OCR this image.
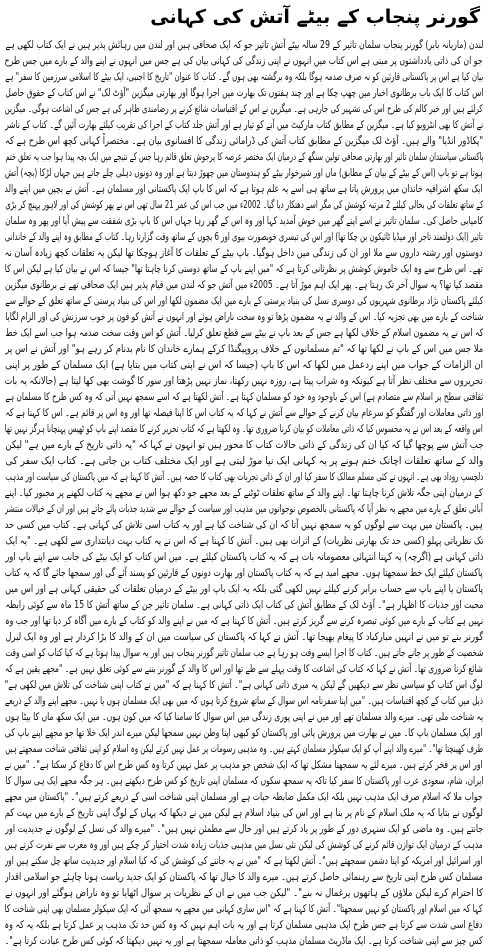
گورنر پنجاب کے بیٹے آتش کی کہانی
لندن (ماریانہ بابر) گورنر پنجاب سلمان تاثیر کے 29 سالہ بیٹے آتش تاثیر جو کہ ایک صحافی ہیں اور لندن میں رہائش پذیر ہیں نے ایک کتاب لکھی ہے
جو ان کی ذاتی یادداشتوں پر مبنی ہے اس کتاب میں انہوں نے اپنی زندگی کی کہانی بیان کی ہے جس میں انہوں نے اپنے والد کے بارے میں جس طرح
بیان کیا ہے اس پر پاکستانی قارئین کو نہ صرف صدمہ ہوگا بلکہ وہ برگشتہ بھی ہوں گے۔ کتاب کا عنوان "تاریخ کا اجنبی، ایک بیٹے کا اسلامی سرزمین کا سفر" ہے
اس کتاب کا ایک باب برطانوی اخبار میں چھپ چکا ہے اور چند ہفتوں تک بھارت میں اجرا ہوگا اور بھارتی میگزین "آؤٹ لک" نے اس کتاب کے حقوق حاصل
کرلئے ہیں اور خبر کالم کی طرح اس کی تشہیر کی جارہی ہے۔ میگزین نے اس کے اقتباسات شائع کرنے پر رضامندی ظاہر کی ہے جس کی اشاعت ہوگی۔ میگزین
نے آتش کا بھی انٹرویو کیا ہے۔ میگزین کے مطابق کتاب مارکیٹ میں آنے کو تیار ہے اور آتش جلد کتاب کے اجرا کی تقریب کیلئے بھارت آئیں گے۔ کتاب کے ناشر
"پکاڈور انڈیا" والے ہیں۔ آؤٹ لک میگزین کے مطابق کتاب آتش کی ڈرامائی زندگی کا افسانوی بیان ہے۔ مختصراً کہانی کچھ اس طرح ہے کہ
پاکستانی سیاستدان سلمان تاثیر اور بھارتی صحافی تولین سنگھ کے درمیان ایک مختصر عرصہ کا پرجوش تعلق قائم رہا جس کے نتیجے میں ایک بچہ پیدا ہوا جب یہ تعلق ختم
ہوتا ہے تو باپ (اس کے بیٹے کے بیان کے مطابق) ماں اور شیرخوار بیٹے کو ہندوستان میں چھوڑ دیتا ہے اور وہ دونوں دہلی چلے جاتے ہیں جہاں لڑکا (بچہ) آتش
ایک سکھ اشرافیہ خاندان میں پرورش پاتا ہے ساتھ ہی اسے یہ علم ہوتا ہے کہ اس کا باپ ایک پاکستانی اور مسلمان ہے۔ آتش نے بچپن میں اپنے والد
کے ساتھ تعلقات کی بحالی کیلئے 2 مرتبہ کوشش کی مگر اسے دھتکار دیا گیا۔ 2002ء میں جب اس کی عمر 21 سال تھی اس نے پھر کوشش کی اور لاہور پہنچ کر بڑی
کامیابی حاصل کی۔ سلمان تاثیر نے اسے اپنے گھر میں خوش آمدید کہا اور وہ اس کے گھر رہا جہاں اس کا باپ بڑی شفقت سے پیش آیا اور پھر وہ سلمان
تاثیر (ایک دولتمند تاجر اور میڈیا ٹائیکون بن چکا تھا) اور اس کی تیسری خوبصورت بیوی اور 6 بچوں کے ساتھ وقت گزارتا رہا۔ کتاب کے مطابق وہ اپنے والد کے خاندانی
دوستوں اور رشتہ داروں سے ملا اور ان کی زندگی میں داخل ہوگیا۔ باپ بیٹے کے تعلقات کا آغاز ہوچکا تھا لیکن یہ تعلقات کچھ زیادہ آسان نہ
تھے۔ اس طرح سے وہ ایک خاموش کوشش پر نظرثانی کرتا ہے کہ "میں اپنے باپ کے ساتھ دوستی کرنا چاہتا تھا" جیسا کہ اس نے بیان کیا ہے لیکن اس کا
مقصد کیا تھا؟ یہ سوال آخر تک رہتا ہے۔ پھر ایک اہم موڑ آتا ہے۔ 2005ء میں آتش جو کہ لندن میں قیام پذیر ہیں ایک صحافی تھے نے برطانوی میگزین
کیلئے پاکستان نژاد برطانوی شہریوں کی دوسری نسل کی بنیاد پرستی کے بارے میں ایک مضمون لکھا اور اس کی بنیاد پرستی کے ساتھ تعلق کے حوالے سے
شناخت کے بارے میں بھی تجزیہ کیا۔ اس کے والد نے یہ مضمون پڑھا تو وہ سخت ناراض ہوئے اور انہوں نے آتش کو فون پر خوب سرزنش کی اور الزام لگایا
کہ اس نے یہ مضمون اسلام کے خلاف لکھا ہے جس کے بعد باپ نے بیٹے سے قطع تعلق کرلیا۔ آتش کو اس وقت سخت صدمہ ہوا جب اسے ایک خط
ملا جس میں اس کے باپ نے لکھا تھا کہ "تم مسلمانوں کے خلاف پروپیگنڈا کرکے ہمارے خاندان کا نام بدنام کر رہے ہو" اور آتش نے اس پر
ان الزامات کے جواب میں اپنے ردعمل میں لکھا کہ اس کا باپ (جیسا کہ اس نے اپنی کتاب میں بتایا ہے) ایک مسلمان کے طور پر اپنی
تحریروں سے مختلف نظر آتا ہے کیونکہ وہ شراب پیتا ہے، روزہ نہیں رکھتا، نماز نہیں پڑھتا اور سور کا گوشت بھی کھا لیتا ہے (حالانکہ یہ بات
ثقافتی سطح پر اسلام سے متصادم ہے) اس کے باوجود وہ خود کو مسلمان کہتا ہے۔ آتش لکھتا ہے کہ اسے سمجھ نہیں آتی کہ وہ کس طرح کا مسلمان ہے
اور ذاتی معاملات اور گفتگو کو سرعام بیان کرنے کے حوالے سے آتش نے کہا کہ یہ کتاب اس کا اپنا فیصلہ تھا اور وہ اس پر قائم ہے۔ اس کا کہنا ہے کہ
اس واقعہ کے بعد اس نے یہ محسوس کیا کہ ذاتی معاملات کو بیان کرنا ضروری تھا۔ وہ لکھتا ہے کہ کتاب تحریر کرنے کا مقصد اپنے باپ کو ٹھیس پہنچانا ہرگز نہیں تھا
جب آتش سے پوچھا گیا کہ کیا ان کی زندگی کے ذاتی حالات کتاب کا محور ہیں تو انہوں نے کہا کہ "یہ ذاتی تاریخ کے بارے میں ہے" لیکن
والد کے ساتھ تعلقات اچانک ختم ہونے پر یہ کہانی ایک نیا موڑ لیتی ہے اور ایک مختلف کتاب بن جاتی ہے۔ کتاب ایک سفر کی
دلچسپ روداد بھی ہے۔ انہوں نے کئی مسلم ممالک کا سفر کیا اور ان کے ذاتی تجربات بھی کتاب کا حصہ ہیں۔ آتش کا کہنا ہے کہ میں پاکستان کی سیاست اور مذہب
کے درمیان اپنی جگہ تلاش کرنا چاہتا تھا۔ اپنے والد کے ساتھ تعلقات ٹوٹنے کے بعد مجھے جو دکھ ہوا اس نے مجھے یہ کتاب لکھنے پر مجبور کیا۔ اپنے
آبائی تعلق کے بارے میں مجھے یہ نظر آیا کہ پاکستانی بالخصوص نوجوانوں میں مذہب اور سیاست کے حوالے سے شدید جذبات پائے جاتے ہیں اور ان کے خیالات منتشر
ہیں۔ پاکستان میں بہت سے لوگوں کو یہ سمجھ نہیں آتا کہ ان کی شناخت کیا ہے اور یہ کتاب اسی تلاش کی کہانی ہے۔ کتاب میں کسی حد
تک نظریاتی پہلو (کسی حد تک بھارتی نظریات) کے اثرات بھی ہیں۔ آتش کا کہنا ہے کہ اس نے یہ کتاب بہت دیانتداری سے لکھی ہے۔ "یہ ایک
ذاتی کہانی ہے (اگرچہ) یہ کہنا انتہائی معصومانہ بات ہے کہ یہ کتاب پاکستان کیلئے ہے۔ میں اس کتاب کو ایک بیٹے کی جانب سے اپنے باپ اور
پاکستان کیلئے ایک خط سمجھتا ہوں۔ مجھے امید ہے کہ یہ کتاب پاکستان اور بھارت دونوں کے قارئین کو پسند آئے گی اور سمجھا جائے گا کہ یہ کتاب
پاکستان یا اپنے باپ سے حساب برابر کرنے کیلئے نہیں لکھی گئی بلکہ یہ ایک باپ اور بیٹے کے درمیان تعلقات کی حقیقی کہانی ہے اور اس میں
محبت اور جذبات کا اظہار ہے"۔ آؤٹ لک کے مطابق آتش کی کتاب ایک ذاتی کہانی ہے۔ سلمان تاثیر جن کے ساتھ آتش کا 15 ماہ سے کوئی رابطہ
نہیں ہے کتاب کے بارے میں کوئی تبصرہ کرنے سے گریز کرتے ہیں۔ آتش کا کہنا ہے کہ میں نے اپنے والد کو کتاب کے بارے میں آگاہ کر دیا تھا اور جب وہ
گورنر بنے تو میں نے انہیں مبارکباد کا پیغام بھیجا تھا۔ آتش نے کہا کہ پاکستان کی سیاست میں ان کے والد کا بڑا کردار ہے اور وہ ایک لبرل
شخصیت کے طور پر جانے جاتے ہیں۔ کتاب کا اجرا ایسے وقت ہو رہا ہے جب سلمان تاثیر گورنر پنجاب ہیں اور یہ سوال پیدا ہوتا ہے کہ کیا کتاب کو اسی وقت
شائع کرنا ضروری تھا۔ آتش نے کہا کہ کتاب کی اشاعت کا وقت پہلے سے طے تھا اور اس کا والد کے گورنر بننے سے کوئی تعلق نہیں ہے۔ "مجھے یقین ہے کہ
لوگ اس کتاب کو سیاسی نظر سے دیکھیں گے لیکن یہ میری ذاتی کہانی ہے"۔ آتش کا کہنا ہے کہ "میں نے کتاب اپنی شناخت کی تلاش میں لکھی ہے"
ذیل میں کتاب کے کچھ اقتباسات ہیں۔ "میں اپنا سفرنامہ اس سوال کے ساتھ شروع کرتا ہوں کہ میں بھی ایک مسلمان ہوں یا نہیں۔ مجھے اپنے والد کے ذریعے
یہ شناخت ملی تھی۔ میرے والد مسلمان تھے اور میں نے اپنی پوری زندگی میں اس سوال کا سامنا کیا کہ میں کون ہوں۔ میں ایک سکھ ماں کا بیٹا ہوں
اور ایک مسلمان باپ کا۔ میں نے بھارت میں پرورش پائی اور پاکستان کو کبھی اپنا وطن نہیں سمجھا لیکن میرے اندر ایک خلا تھا جو مجھے اپنے باپ کی
طرف کھینچتا تھا"۔ "میرے والد اپنے آپ کو ایک سیکولر مسلمان کہتے ہیں۔ وہ مذہبی رسومات پر عمل نہیں کرتے لیکن وہ اسلام کو اپنی ثقافتی شناخت سمجھتے ہیں
اور اس پر فخر کرتے ہیں۔ میرے لئے یہ سمجھنا مشکل تھا کہ ایک شخص جو مذہب پر عمل نہیں کرتا وہ کس طرح اس کا دفاع کر سکتا ہے"۔ "میں نے
ایران، شام، سعودی عرب اور پاکستان کا سفر کیا تاکہ یہ سمجھ سکوں کہ مسلمان اپنی تاریخ کو کس طرح دیکھتے ہیں۔ ہر جگہ مجھے ایک ہی سوال کا
جواب ملا کہ اسلام صرف ایک مذہب نہیں بلکہ ایک مکمل ضابطہ حیات ہے اور مسلمان اپنی شناخت اسی کے ذریعے کرتے ہیں"۔ "پاکستان میں مجھے
لوگوں نے بتایا کہ یہ ملک اسلام کے نام پر بنا ہے اور اس کی بنیاد اسلام ہے لیکن میں نے دیکھا کہ یہاں کے لوگ اپنی تاریخ کے بارے میں بہت کم
جانتے ہیں۔ وہ ماضی کو ایک سنہری دور کے طور پر یاد کرتے ہیں اور حال سے مطمئن نہیں ہیں"۔ "میرے والد کی نسل کے لوگوں نے جدیدیت اور
مذہب کے درمیان ایک توازن قائم کرنے کی کوشش کی لیکن نئی نسل میں مذہبی جذبات زیادہ شدت اختیار کر چکے ہیں اور وہ مغرب سے نفرت کرتے ہیں
اور اسرائیل اور امریکہ کو اپنا دشمن سمجھتے ہیں"۔ آتش لکھتا ہے کہ "میں نے یہ جاننے کی کوشش کی کہ کیا اسلام اور جدیدیت ساتھ چل سکتے ہیں اور
مسلمان کس طرح اپنی تاریخ سے رہنمائی حاصل کرتے ہیں۔ میرے والد کا خیال تھا کہ پاکستان کو ایک جدید ریاست ہونا چاہئے جو اسلامی اقدار
کا احترام کرے لیکن ملاؤں کے ہاتھوں یرغمال نہ بنے"۔ "لیکن جب میں نے ان کے نظریات پر سوال اٹھایا تو وہ ناراض ہوگئے اور انہوں نے
کہا کہ میں اسلام اور پاکستان کو نہیں سمجھتا"۔ آتش کا کہنا ہے کہ "اس ساری کہانی میں مجھے یہ سمجھ آئی کہ ایک سیکولر مسلمان بھی اپنی شناخت کا
دفاع اسی شدت سے کرتا ہے جس طرح ایک مذہبی مسلمان کرتا ہے اور یہ بات اہم نہیں کہ وہ کس حد تک مذہب پر عمل کرتا ہے بلکہ یہ کہ وہ
کس چیز سے اپنی شناخت کرتا ہے۔ ایک ماڈریٹ مسلمان مذہب کو ذاتی معاملہ سمجھتا ہے اور یہ نہیں دیکھتا کہ کوئی کس طرح عبادت کرتا ہے"۔
